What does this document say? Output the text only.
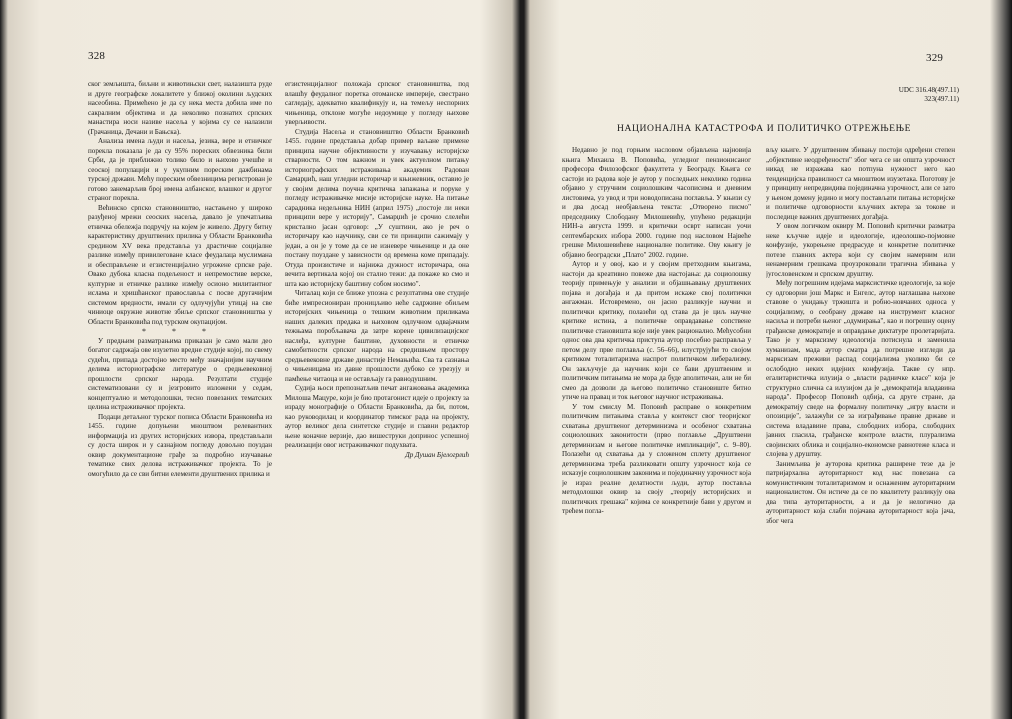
328

ског земљишта, биљни и животињски свет, налазишта руде и друге географске локалитете у ближој околини људских насеобина. Примећено је да су нека места добила име по сакралним објектима и да неколико познатих српских манастира носи називе насеља у којима су се налазили (Грачаница, Дечани и Бањска).

Анализа имена људи и насеља, језика, вере и етничког порекла показала је да су 95% пореских обвезника били Срби, да је приближно толико било и њихово учешће и сеоској популацији и у укупним пореским дажбинама турској држави. Мећу пореским обвезницима регистрован је готово занемарљив број имена албанског, влашког и другог страног порекла.

Већинско српско становништво, настањено у широко разуђеној мрежи сеоских насеља, давало је упечатљива етничка обележја подручју на којем је живело. Другу битну карактеристику друштвених прилика у Области Бранковића средином XV века представља уз драстичне социјалне разлике између привилеговане класе феудалаца муслимана и обесправљене и егзистенцијално угрожене српске раје. Овако дубока класна подељеност и непремостиве верске, културне и етничке разлике између осионо милитантног ислама и хришћанског православља с посве другачијим системом вредности, имали су одлучујући утицај на све чиниоце окружне животне збиље српског становништва у Области Бранковића под турском окупацијом.

* * *

У предњим разматрањима приказан је само мали део богатог садржаја ове изузетно вредне студије којој, по свему судећи, припада достојно место међу значајнијим научним делима историографске литературе о средњевековној прошлости српског народа. Резултати студије систематизовани су и језгровито изложени у седам, концептуално и методолошки, тесно повезаних тематских целина истраживачког пројекта.

Подаци детаљног турског пописа Области Бранковића из 1455. године допуњени мноштвом релевантних информација из других историјских извора, представљали су доста широк и у сазнајном погледу довољно поуздан оквир документационе грађе за подробно изучавање тематике свих делова истраживачког пројекта. То је омогућило да се сви битни елементи друштвених прилика и

егзистенцијалног положаја српског становништва, под влашћу феудалног поретка отоманске империје, свестрано сагледају, адекватно квалификују и, на темељу неспорних чињеница, отклоне могуће недоумице у погледу њихове уверљивости.

Студија Насеља и становништво Области Бранковић 1455. године представља добар пример ваљане примене принципа научне објективности у изучавању историјске стварности. О том важном и увек актуелном питању историографских истраживања академик Радован Самарџић, наш угледни историчар и књижевник, оставио је у својим делима поучна критичка запажања и поруке у погледу истраживачке мисије историјске науке. На питање сарадника недељника НИН (април 1975) „постоје ли неки принципи вере у историју", Самарџић је срочио слелећи кристално јасан одговор: „У суштини, ако је реч о историчару као научнику, сви се ти принципи сажимају у један, а он је у томе да се не изневере чињенице и да оне постану поуздане у зависности од времена коме припадају. Отуда произистиче и најнижа дужност историчара, она вечита вертикала којој он стално тежи: да покаже ко смо и шта као историјску баштину собом носимо".

Читалац који се ближе упозна с резултатима ове студије биће импресиониран проницљиво неће садржине обиљем историјских чињеница о тешким животним приликама наших далеких предака и њиховом одлучном одвајачким тежњама поробљавача да затре корене цивилизацијског наслеђа, културне баштине, духовности и етничке самобитности српског народа на средишњем простору средњевековне државе династије Немањића. Сва та сазнања о чињеницама из давне прошлости дубоко се урезују и памћење читаоца и не остављају га равнодушним.

Судија њоси препознатљив печат ангажовања академика Милоша Мацуре, који је био протагонист идеје о пројекту за израду монографије о Области Бранковића, да би, потом, као руководилац и координатор тимског рада на пројекту, аутор великог дела синтетске студије и главни редактор њене коначне верзије, дао вишеструки допринос успешној реализацији овог истраживачког подухвата.

Др Душан Бјелогрлић

329
UDC 316.48(497.11)
323(497.11)
НАЦИОНАЛНА КАТАСТРОФА И ПОЛИТИЧКО ОТРЕЖЊЕЊЕ

Недавно је под горњим насловом објављена најновија књига Михаила В. Поповића, угледног пензионисаног професора Филозофског факултета у Београду. Књига се састоји из радова које је аутор у последњих неколико година објавио у стручним социолошким часописима и дневним листовима, уз увод и три новодописана поглавља. У књизи су и два досад необјављена текста: „Отворено писмо" председнику Слободану Милошевићу, упућено редакцији НИН-а августа 1999. и критички осврт написан уочи септембарских избора 2000. године под насловом Највеће грешке Милошевићеве националне политике. Ову књигу је објавио београдски „Плато" 2002. године.

Аутор и у овој, као и у својим претходним књигама, настоји да креативно повеже два настојања: да социолошку теорију примењује у анализи и објашњавању друштвених појава и догађаја и да притом искаже свој политички ангажман. Истовремено, он јасно разликује научни и политички критику, полазећи од става да је циљ научне критике истина, а политичке оправдавање сопствене политичке становишта које није увек рационално. Мећусобни однос ова два критичка приступа аутор посебно расправља у петом делу прве поглавља (с. 56–66), илуструјући то својом критиком тоталитаризма наспрот политичком либерализму. Он закључује да научник који се бави друштвеним и политичким питањима не мора да буде аполитичан, али не би смео да дозволи да његово политичко становиште битно утиче на правац и ток његовог научног истраживања.

У том смислу М. Поповић расправе о конкретним политичким питањима ставља у контекст свог теоријског схватања друштвеног детерминизма и особеног схватања социолошких законитости (прво поглавље „Друштвени детерминизам и његове политичке импликације", с. 9–80). Полазећи од схватања да у сложеном сплету друштвеног детерминизма треба разликовати општу узрочност која се исказује социолошким законима и појединачну узрочност која је израз реалне делатности људи, аутор поставља методолошки оквир за своју „теорију историјских и политичких грешака" којима се конкретније бави у другом и трећем погла-

вљу књиге. У друштвеним збивању постоји одређени степен „објективне неодређености" због чега се ни општа узрочност никад не изражава као потпуна нужност него као тенденцијска правилност са мноштвом изузетака. Поготову је у принципу непредвидива појединачна узрочност, али се зато у њеном домену једино и могу постављати питања историјске и политичке одговорности кључних актера за токове и последице важних друштвених догађаја.

У овом логичком оквиру М. Поповић критички разматра неке кључне идеје и идеологије, идеолошко-појмовне конфузије, укорењене предрасуде и конкретне политичке потезе главних актера који су својим намерним или ненамерним грешкама проузроковали трагична збивања у југословенском и српском друштву.

Међу погрешним идејама марксистичке идеологије, за које су одговорни још Маркс и Енгелс, аутор наглашава њихове ставове о укидању тржишта и робно-новчаних односа у социјализму, о сеобрану државе на инструмент класног насиља и потреби њеног „одумирања", као и погрешну оцену грађанске демократије и оправдање диктатуре пролетаријата. Тако је у марксизму идеологија потиснула и заменила хуманизам, мада аутор сматра да погрешне изгледи да марксизам преживи распад социјализма уколико би се ослободио неких идејних конфузија. Такве су нпр. егалитаристичка илузија о „власти радничке класе" која је структурно слична са илузијом да је „демократија владавина народа". Професор Поповић одбија, са друге стране, да демократију сведе на формалну политичку „игру власти и опозиције", залажући се за изграђивање правне државе и система владавине права, слободних избора, слободних јавних гласила, грађанске контроле власти, плурализма својинских облика и социјално-економске равнотеже класа и слојева у друштву.

Занимљива је ауторова критика раширене тезе да је патријархална ауторитарност код нас повезана са комунистичким тоталитаризмом и оснаженим ауторитарним националистом. Он истиче да се по квалитету разликују ова два типа ауторитарности, а и да је нелогично да ауторитарност која слаби појачава ауторитарност која јача, због чега
